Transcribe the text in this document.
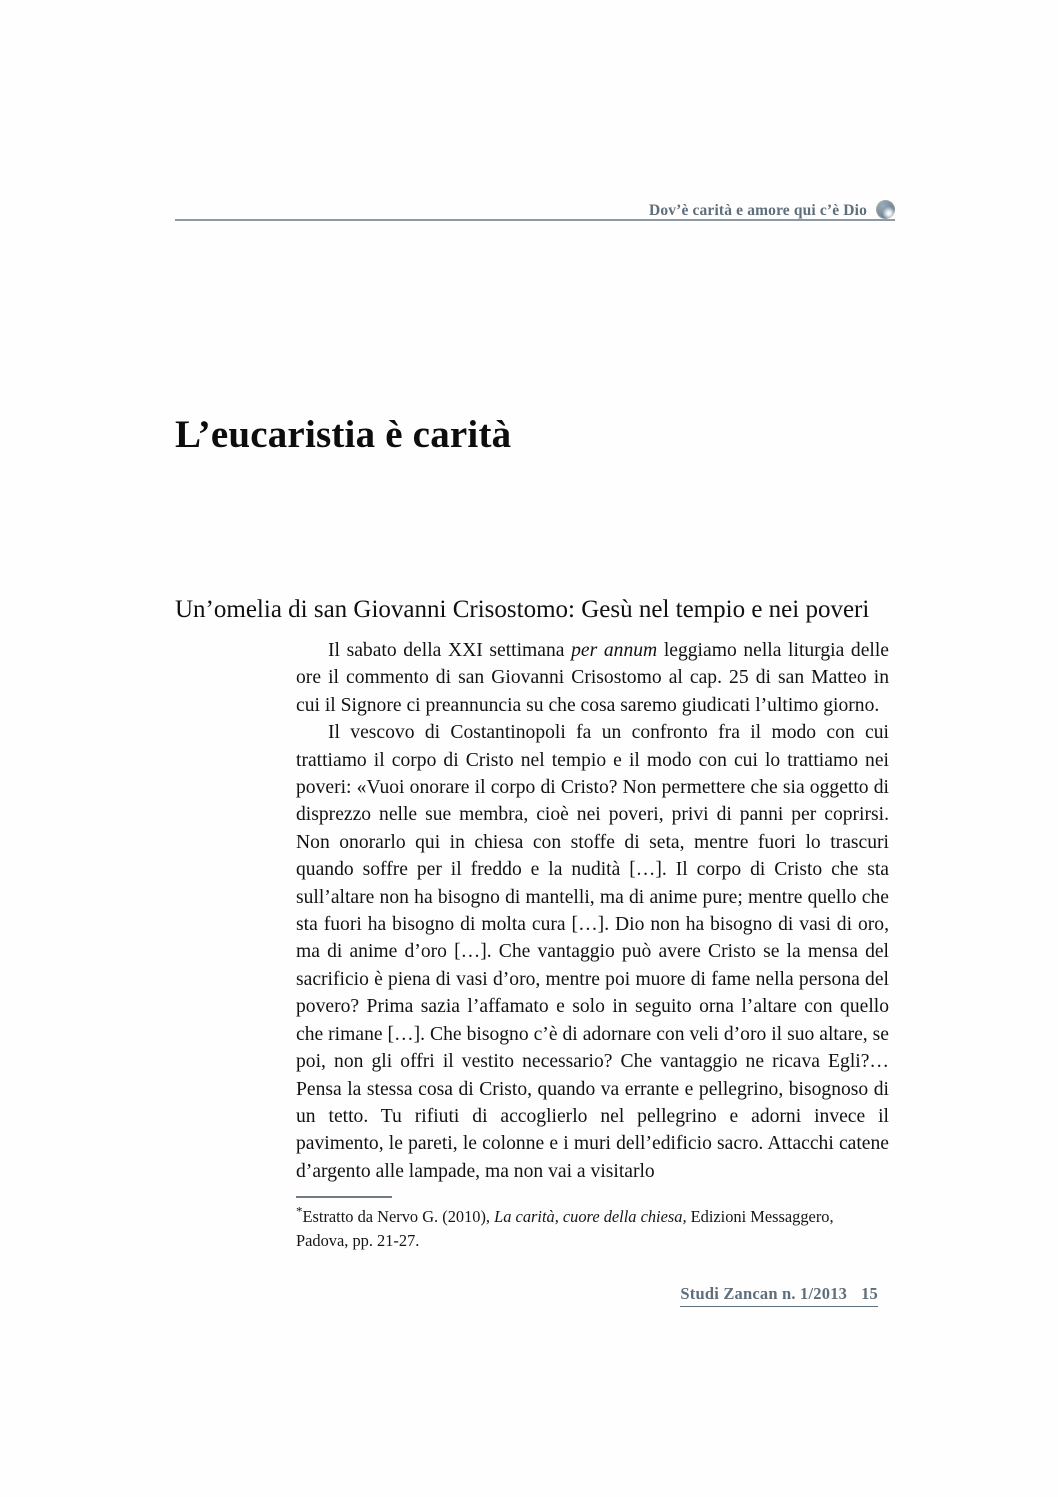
Dov’è carità e amore qui c’è Dio
L’eucaristia è carità
Un’omelia di san Giovanni Crisostomo: Gesù nel tempio e nei poveri

Il sabato della XXI settimana per annum leggiamo nella liturgia delle ore il commento di san Giovanni Crisostomo al cap. 25 di san Matteo in cui il Signore ci preannuncia su che cosa saremo giudicati l’ultimo giorno.

Il vescovo di Costantinopoli fa un confronto fra il modo con cui trattiamo il corpo di Cristo nel tempio e il modo con cui lo trattiamo nei poveri: «Vuoi onorare il corpo di Cristo? Non permettere che sia oggetto di disprezzo nelle sue membra, cioè nei poveri, privi di panni per coprirsi. Non onorarlo qui in chiesa con stoffe di seta, mentre fuori lo trascuri quando soffre per il freddo e la nudità […]. Il corpo di Cristo che sta sull’altare non ha bisogno di mantelli, ma di anime pure; mentre quello che sta fuori ha bisogno di molta cura […]. Dio non ha bisogno di vasi di oro, ma di anime d’oro […]. Che vantaggio può avere Cristo se la mensa del sacrificio è piena di vasi d’oro, mentre poi muore di fame nella persona del povero? Prima sazia l’affamato e solo in seguito orna l’altare con quello che rimane […]. Che bisogno c’è di adornare con veli d’oro il suo altare, se poi, non gli offri il vestito necessario? Che vantaggio ne ricava Egli?… Pensa la stessa cosa di Cristo, quando va errante e pellegrino, bisognoso di un tetto. Tu rifiuti di accoglierlo nel pellegrino e adorni invece il pavimento, le pareti, le colonne e i muri dell’edificio sacro. Attacchi catene d’argento alle lampade, ma non vai a visitarlo

*Estratto da Nervo G. (2010), La carità, cuore della chiesa, Edizioni Messaggero, Padova, pp. 21-27.
Studi Zancan n. 1/2013 15
